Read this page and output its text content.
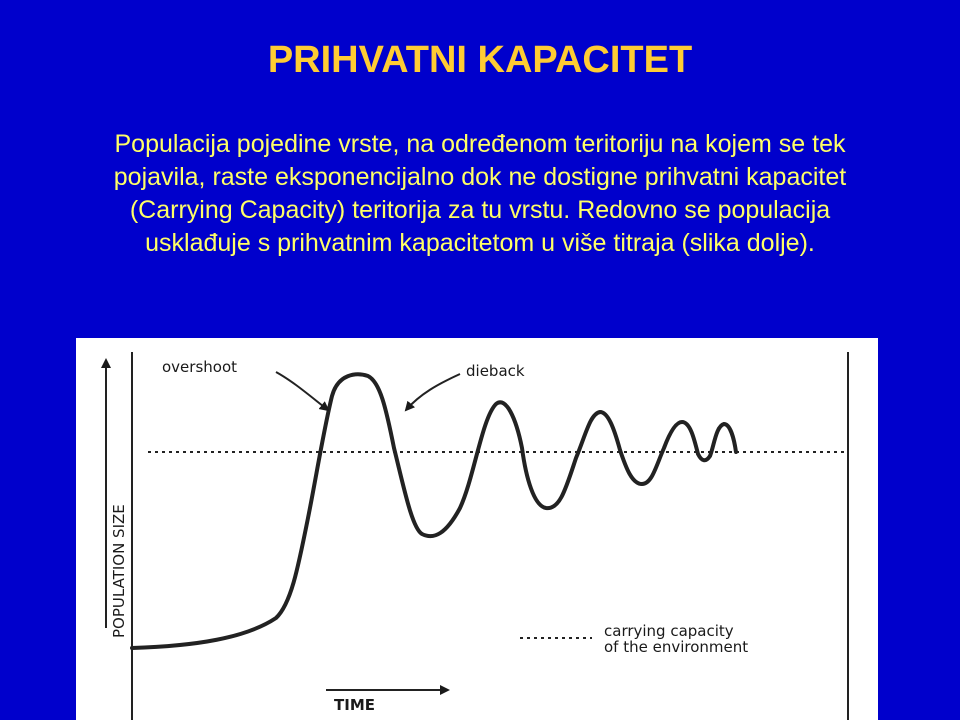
PRIHVATNI KAPACITET
Populacija pojedine vrste, na određenom teritoriju na kojem se tek
pojavila, raste eksponencijalno dok ne dostigne prihvatni kapacitet
(Carrying Capacity) teritorija za tu vrstu. Redovno se populacija
usklađuje s prihvatnim kapacitetom u više titraja (slika dolje).
POPULATION SIZE
overshoot	dieback
carrying capacity
of the environment
TIME
